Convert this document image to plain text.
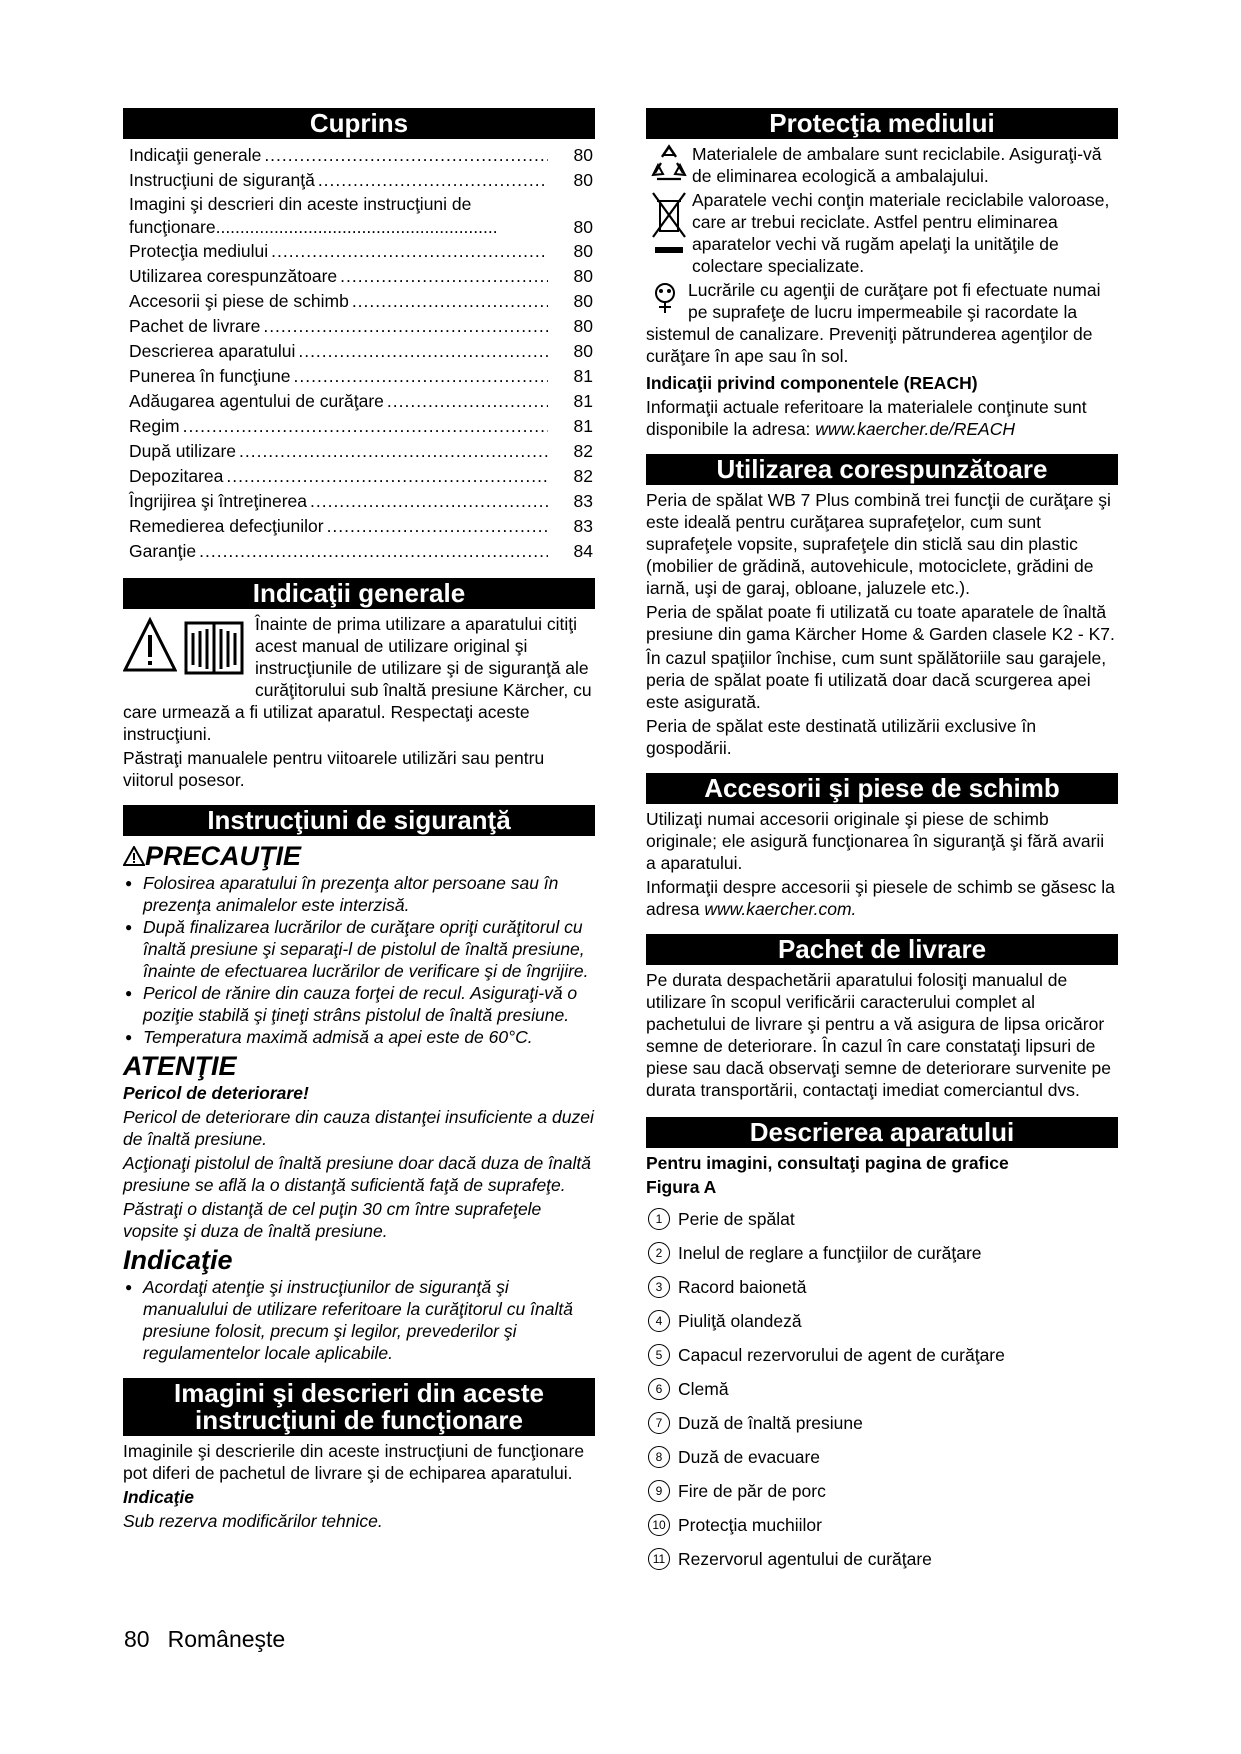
Cuprins
Indicaţii generale .....	80
Instrucţiuni de siguranţă .....	80
Imagini şi descrieri din aceste instrucţiuni de funcţionare..........................................................	80
Protecţia mediului .....	80
Utilizarea corespunzătoare .....	80
Accesorii şi piese de schimb .....	80
Pachet de livrare .....	80
Descrierea aparatului .....	80
Punerea în funcţiune .....	81
Adăugarea agentului de curăţare .....	81
Regim .....	81
După utilizare .....	82
Depozitarea .....	82
Îngrijirea şi întreţinerea .....	83
Remedierea defecţiunilor .....	83
Garanţie .....	84
Indicaţii generale

Înainte de prima utilizare a aparatului citiţi acest manual de utilizare original şi instrucţiunile de utilizare şi de siguranţă ale curăţitorului sub înaltă presiune Kärcher, cu care urmează a fi utilizat aparatul. Respectaţi aceste instrucţiuni.

Păstraţi manualele pentru viitoarele utilizări sau pentru viitorul posesor.

Instrucţiuni de siguranţă
PRECAUŢIE
● Folosirea aparatului în prezenţa altor persoane sau în prezenţa animalelor este interzisă.
● După finalizarea lucrărilor de curăţare opriţi curăţitorul cu înaltă presiune şi separaţi-l de pistolul de înaltă presiune, înainte de efectuarea lucrărilor de verificare şi de îngrijire.
● Pericol de rănire din cauza forţei de recul. Asiguraţi-vă o poziţie stabilă şi ţineţi strâns pistolul de înaltă presiune.
● Temperatura maximă admisă a apei este de 60°C.
ATENŢIE

Pericol de deteriorare!

Pericol de deteriorare din cauza distanţei insuficiente a duzei de înaltă presiune.

Acţionaţi pistolul de înaltă presiune doar dacă duza de înaltă presiune se află la o distanţă suficientă faţă de suprafeţe.

Păstraţi o distanţă de cel puţin 30 cm între suprafeţele vopsite şi duza de înaltă presiune.

Indicaţie
● Acordaţi atenţie şi instrucţiunilor de siguranţă şi manualului de utilizare referitoare la curăţitorul cu înaltă presiune folosit, precum şi legilor, prevederilor şi regulamentelor locale aplicabile.
Imagini şi descrieri din aceste instrucţiuni de funcţionare

Imaginile şi descrierile din aceste instrucţiuni de funcţionare pot diferi de pachetul de livrare şi de echiparea aparatului.

Indicaţie

Sub rezerva modificărilor tehnice.

Protecţia mediului

Materialele de ambalare sunt reciclabile. Asiguraţi-vă de eliminarea ecologică a ambalajului.

Aparatele vechi conţin materiale reciclabile valoroase, care ar trebui reciclate. Astfel pentru eliminarea aparatelor vechi vă rugăm apelaţi la unităţile de colectare specializate.

Lucrările cu agenţii de curăţare pot fi efectuate numai pe suprafeţe de lucru impermeabile şi racordate la sistemul de canalizare. Preveniţi pătrunderea agenţilor de curăţare în ape sau în sol.

Indicaţii privind componentele (REACH)

Informaţii actuale referitoare la materialele conţinute sunt disponibile la adresa: www.kaercher.de/REACH

Utilizarea corespunzătoare

Peria de spălat WB 7 Plus combină trei funcţii de curăţare şi este ideală pentru curăţarea suprafeţelor, cum sunt suprafeţele vopsite, suprafeţele din sticlă sau din plastic (mobilier de grădină, autovehicule, motociclete, grădini de iarnă, uşi de garaj, obloane, jaluzele etc.).

Peria de spălat poate fi utilizată cu toate aparatele de înaltă presiune din gama Kärcher Home & Garden clasele K2 - K7.

În cazul spaţiilor închise, cum sunt spălătoriile sau garajele, peria de spălat poate fi utilizată doar dacă scurgerea apei este asigurată.

Peria de spălat este destinată utilizării exclusive în gospodării.

Accesorii şi piese de schimb

Utilizaţi numai accesorii originale şi piese de schimb originale; ele asigură funcţionarea în siguranţă şi fără avarii a aparatului.

Informaţii despre accesorii şi piesele de schimb se găsesc la adresa www.kaercher.com.

Pachet de livrare

Pe durata despachetării aparatului folosiţi manualul de utilizare în scopul verificării caracterului complet al pachetului de livrare şi pentru a vă asigura de lipsa oricăror semne de deteriorare. În cazul în care constataţi lipsuri de piese sau dacă observaţi semne de deteriorare survenite pe durata transportării, contactaţi imediat comerciantul dvs.

Descrierea aparatului

Pentru imagini, consultaţi pagina de grafice

Figura A

1 Perie de spălat
2 Inelul de reglare a funcţiilor de curăţare
3 Racord baionetă
4 Piuliţă olandeză
5 Capacul rezervorului de agent de curăţare
6 Clemă
7 Duză de înaltă presiune
8 Duză de evacuare
9 Fire de păr de porc
10 Protecţia muchiilor
11 Rezervorul agentului de curăţare
80 Româneşte
